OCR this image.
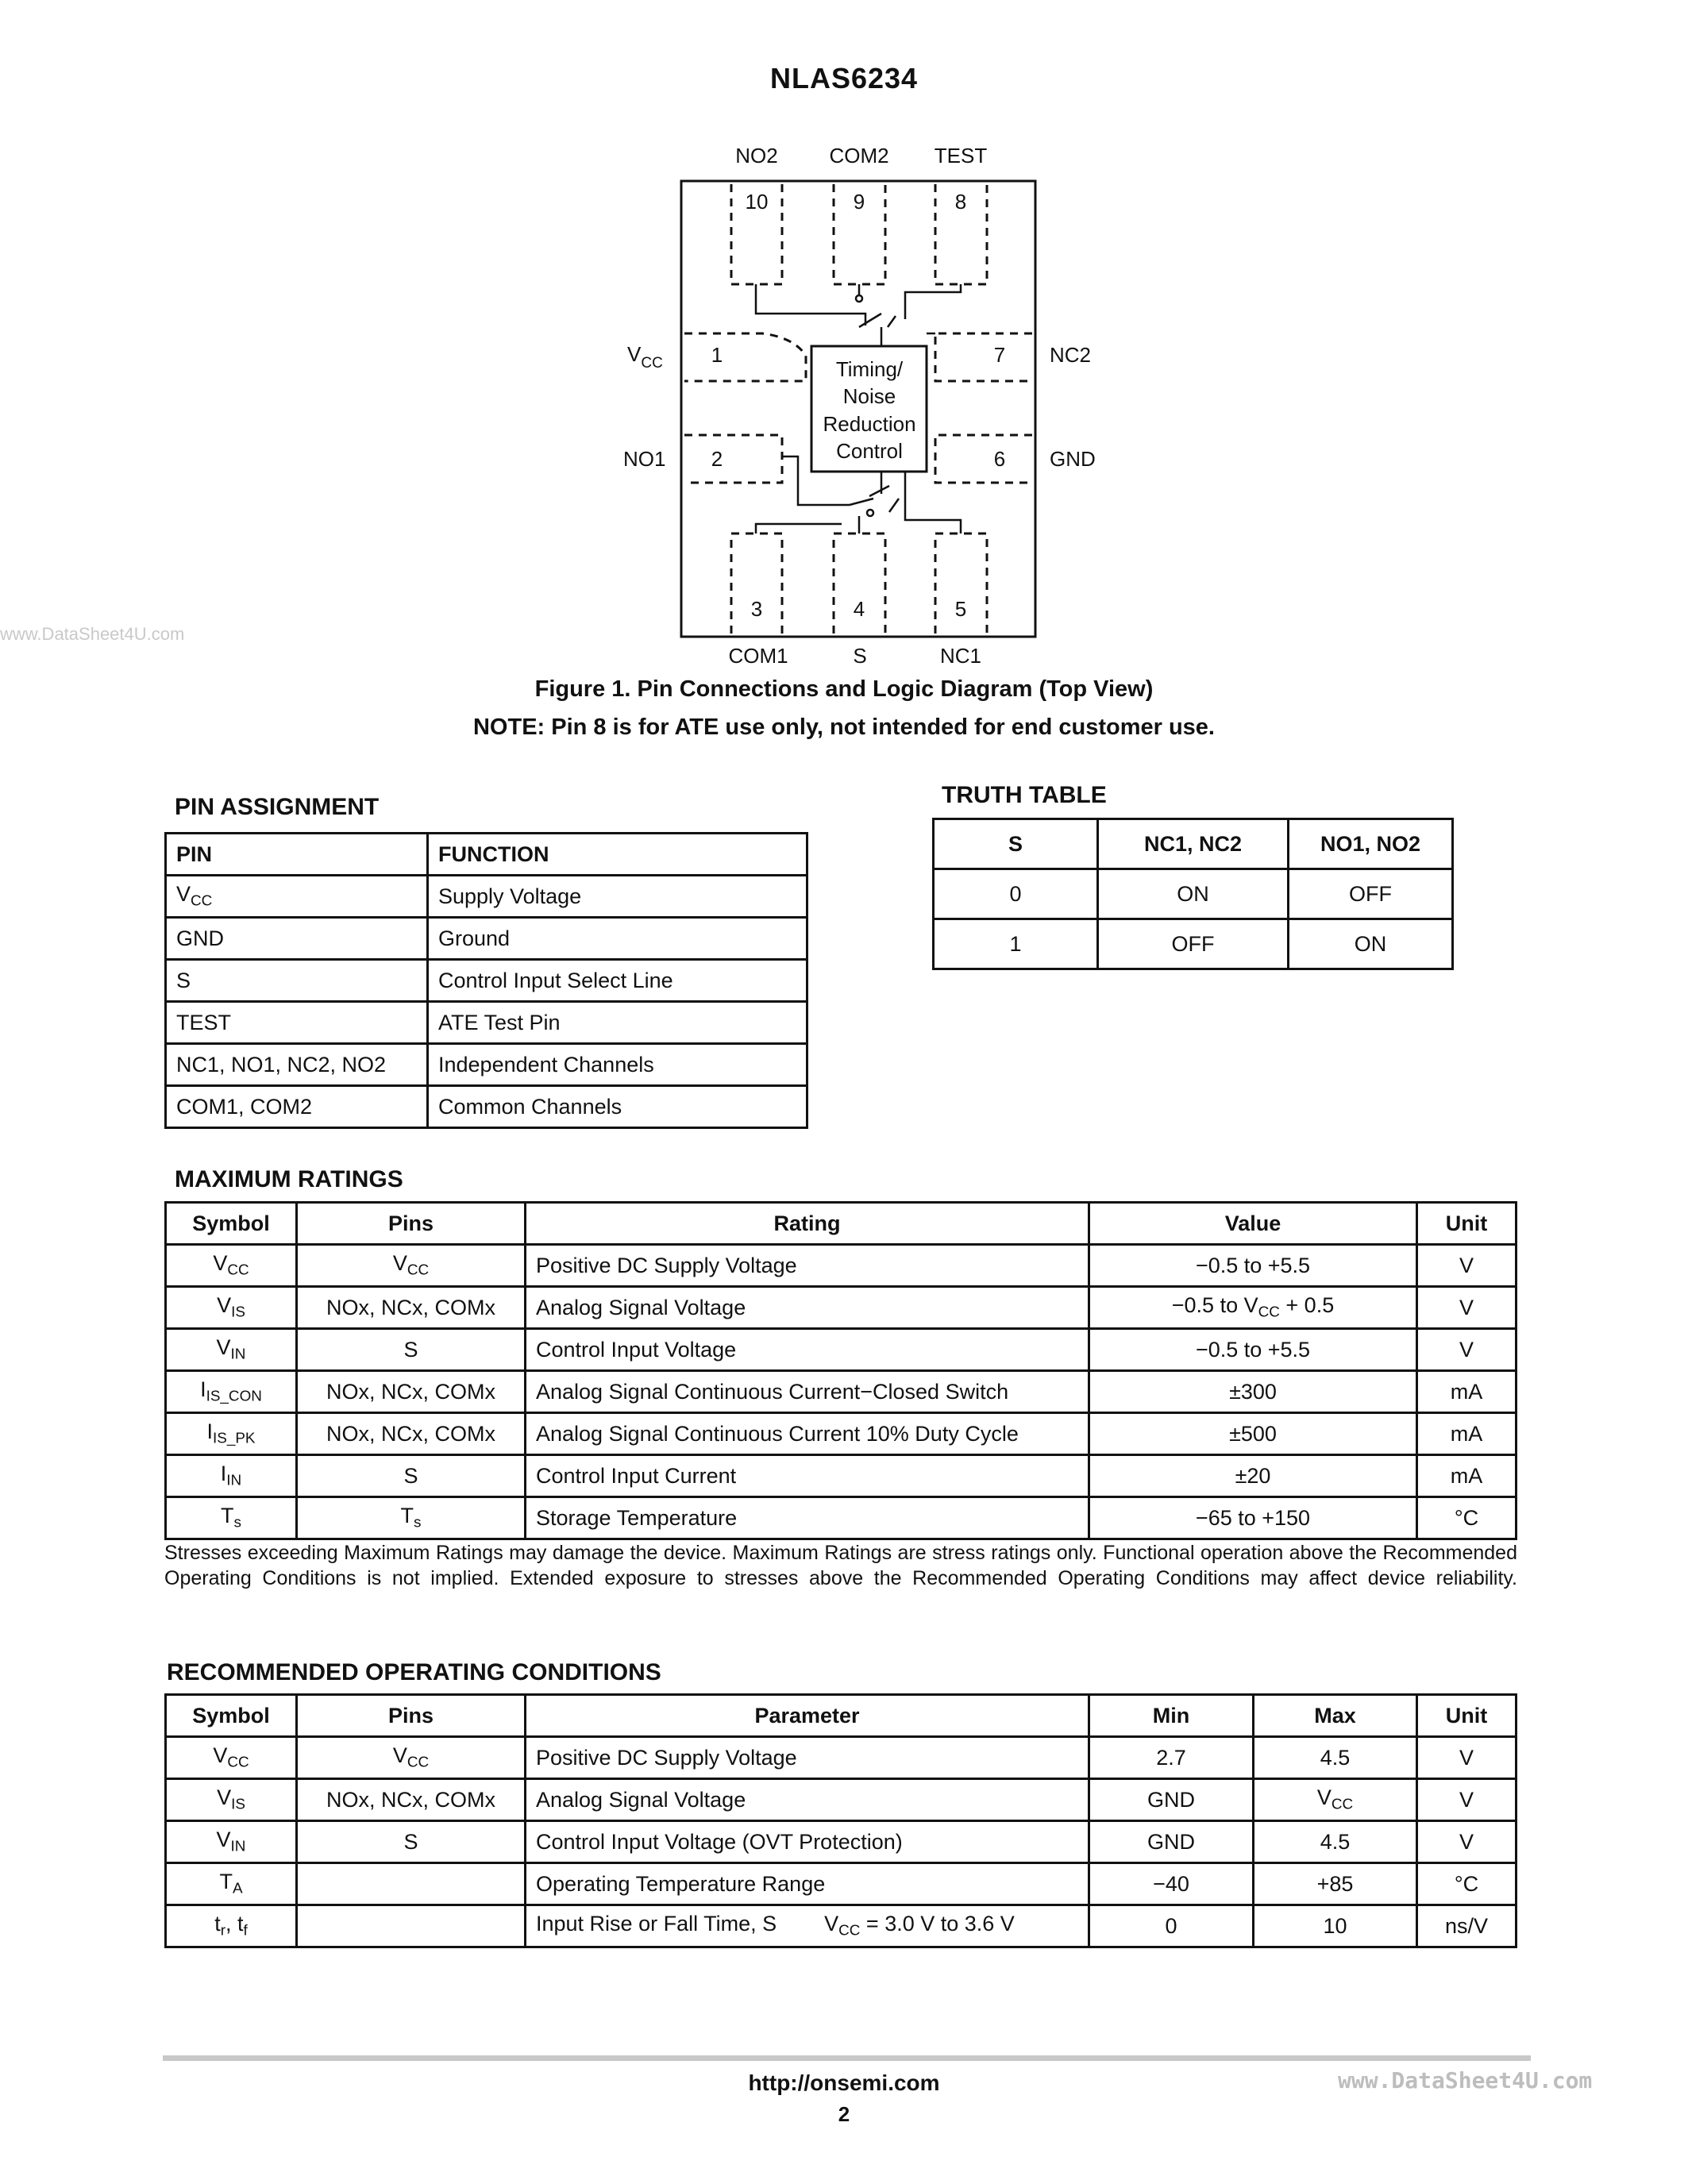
NLAS6234
www.DataSheet4U.com
www.DataSheet4U.com
NO2 COM2 TEST
COM1	S	NC1
$V_{CC}$
NO1
NC2
GND
1
2
3	4	5
6
7
8
9
10
Timing/
Noise
Reduction
Control
Figure 1. Pin Connections and Logic Diagram (Top View)
NOTE: Pin 8 is for ATE use only, not intended for end customer use.
PIN ASSIGNMENT
PIN	FUNCTION
$V_{CC}$	Supply Voltage
GND	Ground
S	Control Input Select Line
TEST	ATE Test Pin
NC1, NO1, NC2, NO2	Independent Channels
COM1, COM2	Common Channels
TRUTH TABLE
S	NC1, NC2	NO1, NO2
0	ON	OFF
1	OFF	ON
MAXIMUM RATINGS
Symbol	Pins	Rating	Value	Unit
$V_{CC}$	$V_{CC}$	Positive DC Supply Voltage	−0.5 to +5.5	V
$V_{IS}$	NOx, NCx, COMx	Analog Signal Voltage	−0.5 to $V_{CC} + 0.5$	V
$V_{IN}$	S	Control Input Voltage	−0.5 to +5.5	V
$I_{IS\_CON}$	NOx, NCx, COMx	Analog Signal Continuous Current−Closed Switch	±300	mA
$I_{IS\_PK}$	NOx, NCx, COMx	Analog Signal Continuous Current 10% Duty Cycle	±500	mA
$I_{IN}$	S	Control Input Current	±20	mA
$T_s$	$T_s$	Storage Temperature	−65 to +150	°C
Stresses exceeding Maximum Ratings may damage the device. Maximum Ratings are stress ratings only. Functional operation above the Recommended Operating Conditions is not implied. Extended exposure to stresses above the Recommended Operating Conditions may affect device reliability.
RECOMMENDED OPERATING CONDITIONS
Symbol	Pins	Parameter	Min	Max	Unit
$V_{CC}$	$V_{CC}$	Positive DC Supply Voltage	2.7	4.5	V
$V_{IS}$	NOx, NCx, COMx	Analog Signal Voltage	GND	$V_{CC}$	V
$V_{IN}$	S	Control Input Voltage (OVT Protection)	GND	4.5	V
$T_A$		Operating Temperature Range	−40	+85	°C
$t_r$, $t_f$		Input Rise or Fall Time, S $V_{CC} = 3.0$ V to 3.6 V	0	10	ns/V
http://onsemi.com
2
